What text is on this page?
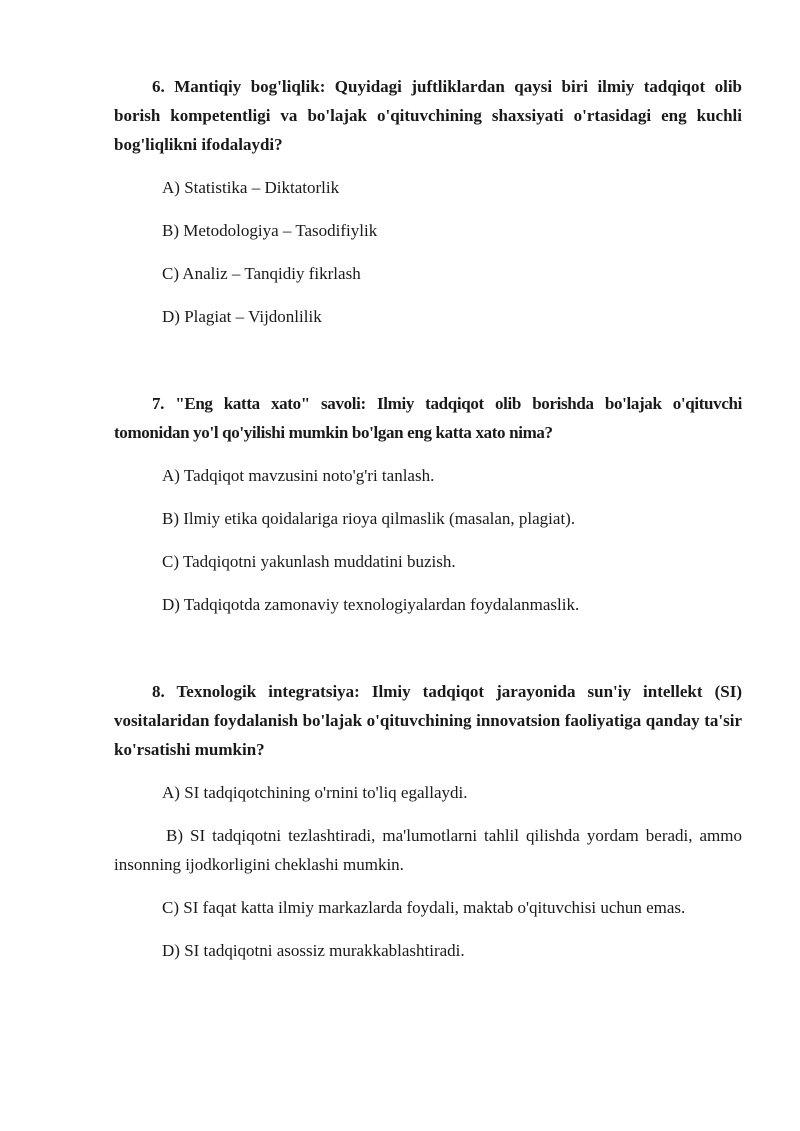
6. Mantiqiy bog'liqlik: Quyidagi juftliklardan qaysi biri ilmiy tadqiqot olib borish kompetentligi va bo'lajak o'qituvchining shaxsiyati o'rtasidagi eng kuchli bog'liqlikni ifodalaydi?

A) Statistika – Diktatorlik
B) Metodologiya – Tasodifiylik
C) Analiz – Tanqidiy fikrlash
D) Plagiat – Vijdonlilik

7. "Eng katta xato" savoli: Ilmiy tadqiqot olib borishda bo'lajak o'qituvchi tomonidan yo'l qo'yilishi mumkin bo'lgan eng katta xato nima?

A) Tadqiqot mavzusini noto'g'ri tanlash.
B) Ilmiy etika qoidalariga rioya qilmaslik (masalan, plagiat).
C) Tadqiqotni yakunlash muddatini buzish.
D) Tadqiqotda zamonaviy texnologiyalardan foydalanmaslik.

8. Texnologik integratsiya: Ilmiy tadqiqot jarayonida sun'iy intellekt (SI) vositalaridan foydalanish bo'lajak o'qituvchining innovatsion faoliyatiga qanday ta'sir ko'rsatishi mumkin?

A) SI tadqiqotchining o'rnini to'liq egallaydi.
B) SI tadqiqotni tezlashtiradi, ma'lumotlarni tahlil qilishda yordam beradi, ammo insonning ijodkorligini cheklashi mumkin.
C) SI faqat katta ilmiy markazlarda foydali, maktab o'qituvchisi uchun emas.
D) SI tadqiqotni asossiz murakkablashtiradi.
